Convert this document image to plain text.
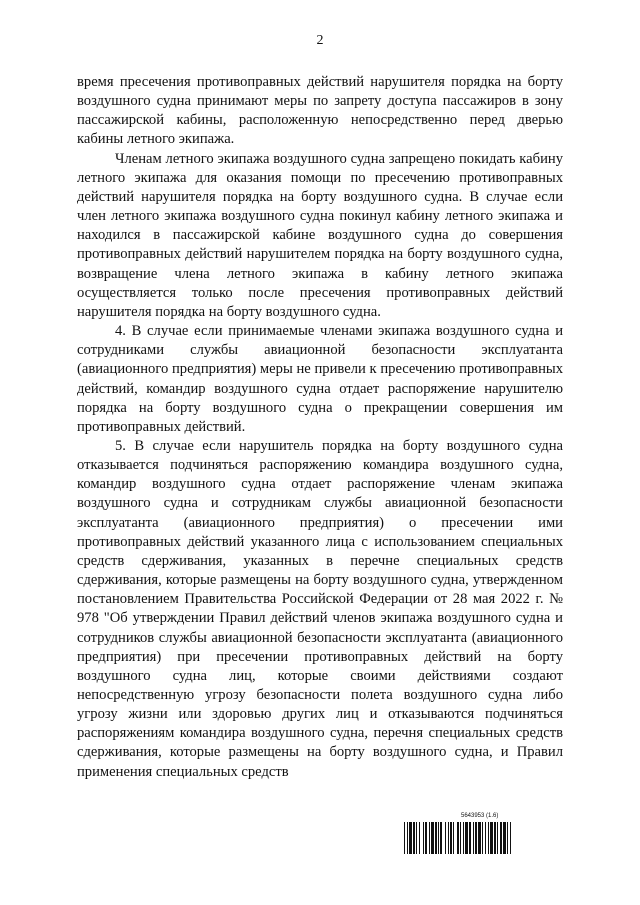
2

время пресечения противоправных действий нарушителя порядка на борту воздушного судна принимают меры по запрету доступа пассажиров в зону пассажирской кабины, расположенную непосредственно перед дверью кабины летного экипажа.

Членам летного экипажа воздушного судна запрещено покидать кабину летного экипажа для оказания помощи по пресечению противоправных действий нарушителя порядка на борту воздушного судна. В случае если член летного экипажа воздушного судна покинул кабину летного экипажа и находился в пассажирской кабине воздушного судна до совершения противоправных действий нарушителем порядка на борту воздушного судна, возвращение члена летного экипажа в кабину летного экипажа осуществляется только после пресечения противоправных действий нарушителя порядка на борту воздушного судна.

4. В случае если принимаемые членами экипажа воздушного судна и сотрудниками службы авиационной безопасности эксплуатанта (авиационного предприятия) меры не привели к пресечению противоправных действий, командир воздушного судна отдает распоряжение нарушителю порядка на борту воздушного судна о прекращении совершения им противоправных действий.

5. В случае если нарушитель порядка на борту воздушного судна отказывается подчиняться распоряжению командира воздушного судна, командир воздушного судна отдает распоряжение членам экипажа воздушного судна и сотрудникам службы авиационной безопасности эксплуатанта (авиационного предприятия) о пресечении ими противоправных действий указанного лица с использованием специальных средств сдерживания, указанных в перечне специальных средств сдерживания, которые размещены на борту воздушного судна, утвержденном постановлением Правительства Российской Федерации от 28 мая 2022 г. № 978 "Об утверждении Правил действий членов экипажа воздушного судна и сотрудников службы авиационной безопасности эксплуатанта (авиационного предприятия) при пресечении противоправных действий на борту воздушного судна лиц, которые своими действиями создают непосредственную угрозу безопасности полета воздушного судна либо угрозу жизни или здоровью других лиц и отказываются подчиняться распоряжениям командира воздушного судна, перечня специальных средств сдерживания, которые размещены на борту воздушного судна, и Правил применения специальных средств

5643953 (1.6)
